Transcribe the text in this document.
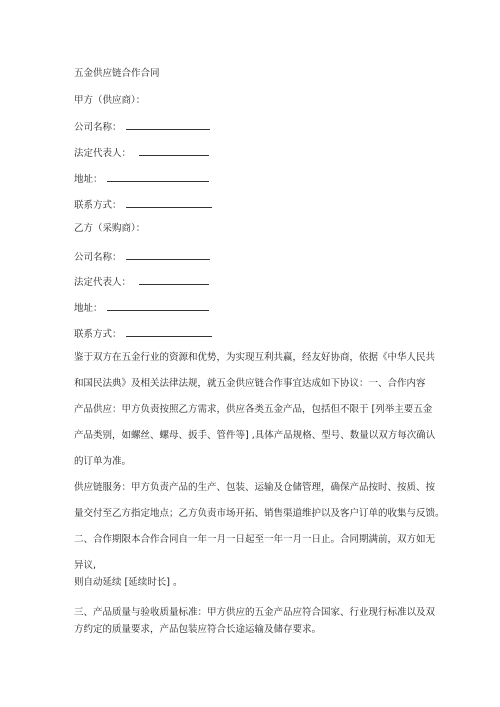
五金供应链合作合同
甲方（供应商）：
公司名称：
法定代表人：
地址：
联系方式：
乙方（采购商）：
公司名称：
法定代表人：
地址：
联系方式：
鉴于双方在五金行业的资源和优势，为实现互利共赢，经友好协商，依据《中华人民共
和国民法典》及相关法律法规，就五金供应链合作事宜达成如下协议：一、合作内容
产品供应：甲方负责按照乙方需求，供应各类五金产品，包括但不限于 [列举主要五金
产品类别，如螺丝、螺母、扳手、管件等] ,具体产品规格、型号、数量以双方每次确认
的订单为准。
供应链服务：甲方负责产品的生产、包装、运输及仓储管理，确保产品按时、按质、按
量交付至乙方指定地点；乙方负责市场开拓、销售渠道维护以及客户订单的收集与反馈。
二、合作期限本合作合同自一年一月一日起至一年一月一日止。合同期满前，双方如无
异议,
则自动延续 [延续时长] 。
三、产品质量与验收质量标准：甲方供应的五金产品应符合国家、行业现行标准以及双
方约定的质量要求，产品包装应符合长途运输及储存要求。
